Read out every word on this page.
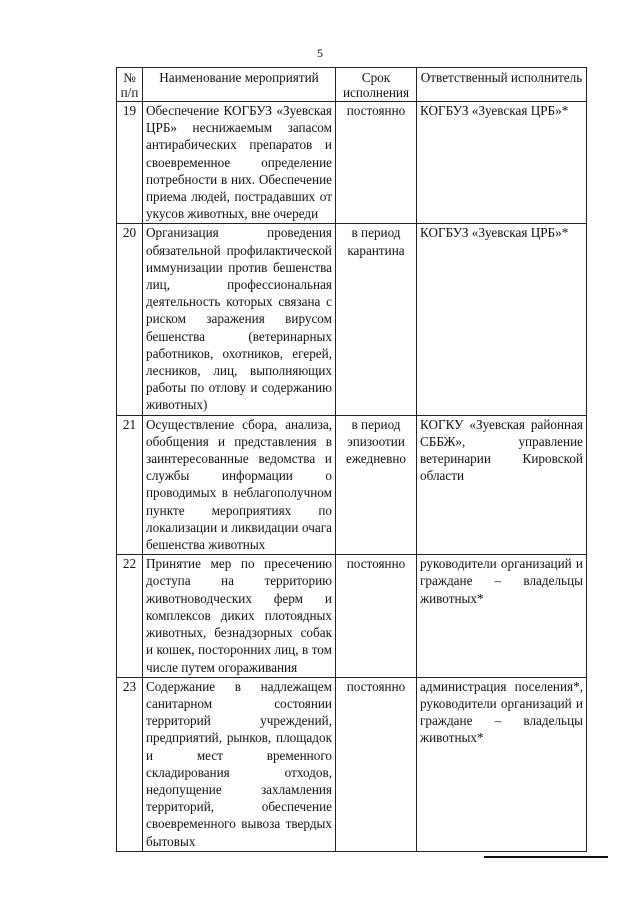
5
№ п/п	Наименование мероприятий	Срок исполнения	Ответственный исполнитель
19	Обеспечение КОГБУЗ «Зуевская ЦРБ» неснижаемым запасом антирабических препаратов и своевременное определение потребности в них. Обеспечение приема людей, пострадавших от укусов животных, вне очереди	постоянно	КОГБУЗ «Зуевская ЦРБ»*
20	Организация проведения обязательной профилактической иммунизации против бешенства лиц, профессиональная деятельность которых связана с риском заражения вирусом бешенства (ветеринарных работников, охотников, егерей, лесников, лиц, выполняющих работы по отлову и содержанию животных)	в период карантина	КОГБУЗ «Зуевская ЦРБ»*
21	Осуществление сбора, анализа, обобщения и представления в заинтересованные ведомства и службы информации о проводимых в неблагополучном пункте мероприятиях по локализации и ликвидации очага бешенства животных	в период эпизоотии ежедневно	КОГКУ «Зуевская районная СББЖ», управление ветеринарии Кировской области
22	Принятие мер по пресечению доступа на территорию животноводческих ферм и комплексов диких плотоядных животных, безнадзорных собак и кошек, посторонних лиц, в том числе путем огораживания	постоянно	руководители организаций и граждане – владельцы животных*
23	Содержание в надлежащем санитарном состоянии территорий учреждений, предприятий, рынков, площадок и мест временного складирования отходов, недопущение захламления территорий, обеспечение своевременного вывоза твердых бытовых	постоянно	администрация поселения*, руководители организаций и граждане – владельцы животных*
